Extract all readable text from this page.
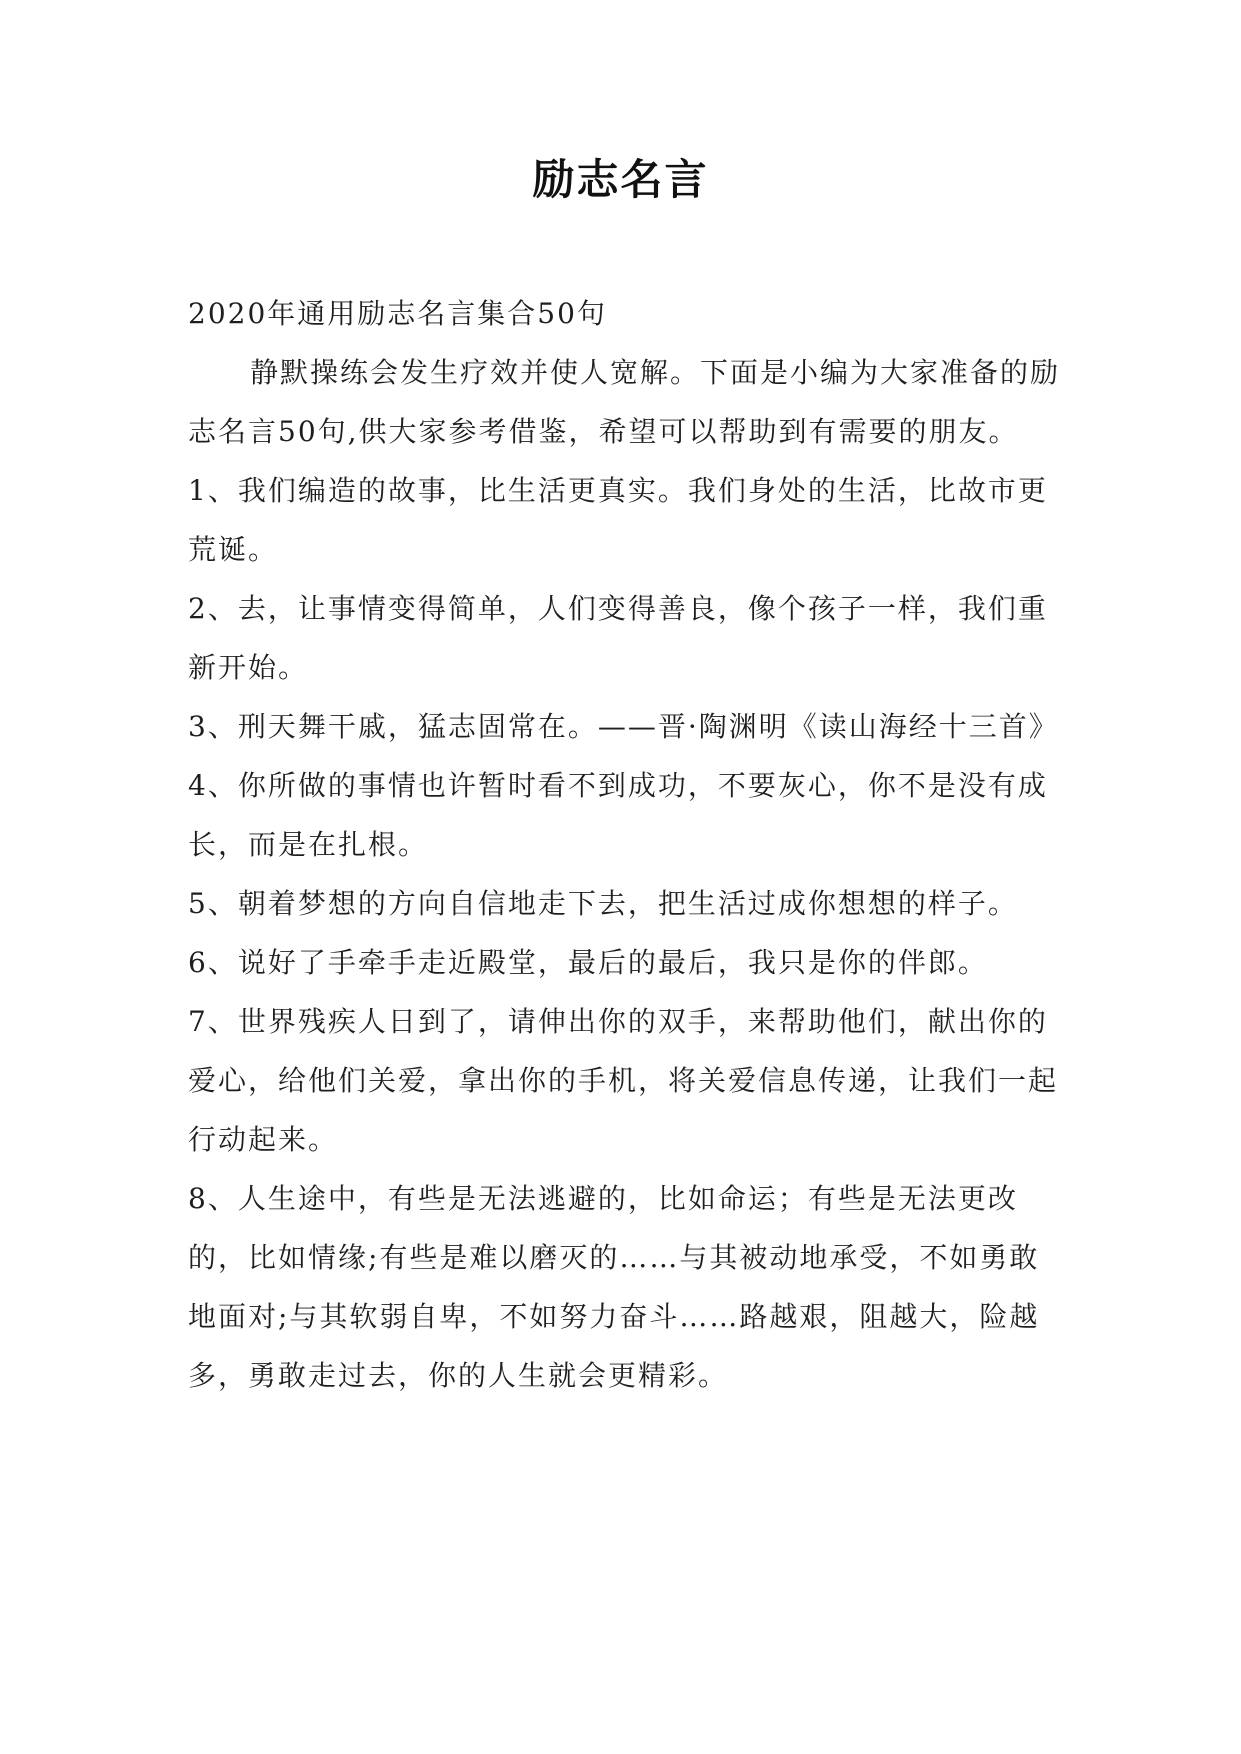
励志名言

2020年通用励志名言集合50句

静默操练会发生疗效并使人宽解。下面是小编为大家准备的励志名言50句,供大家参考借鉴，希望可以帮助到有需要的朋友。

1、我们编造的故事，比生活更真实。我们身处的生活，比故市更荒诞。

2、去，让事情变得简单，人们变得善良，像个孩子一样，我们重新开始。

3、刑天舞干戚，猛志固常在。——晋·陶渊明《读山海经十三首》

4、你所做的事情也许暂时看不到成功，不要灰心，你不是没有成长，而是在扎根。

5、朝着梦想的方向自信地走下去，把生活过成你想想的样子。

6、说好了手牵手走近殿堂，最后的最后，我只是你的伴郎。

7、世界残疾人日到了，请伸出你的双手，来帮助他们，献出你的爱心，给他们关爱，拿出你的手机，将关爱信息传递，让我们一起行动起来。

8、人生途中，有些是无法逃避的，比如命运；有些是无法更改的，比如情缘;有些是难以磨灭的……与其被动地承受，不如勇敢地面对;与其软弱自卑，不如努力奋斗……路越艰，阻越大，险越多，勇敢走过去，你的人生就会更精彩。
